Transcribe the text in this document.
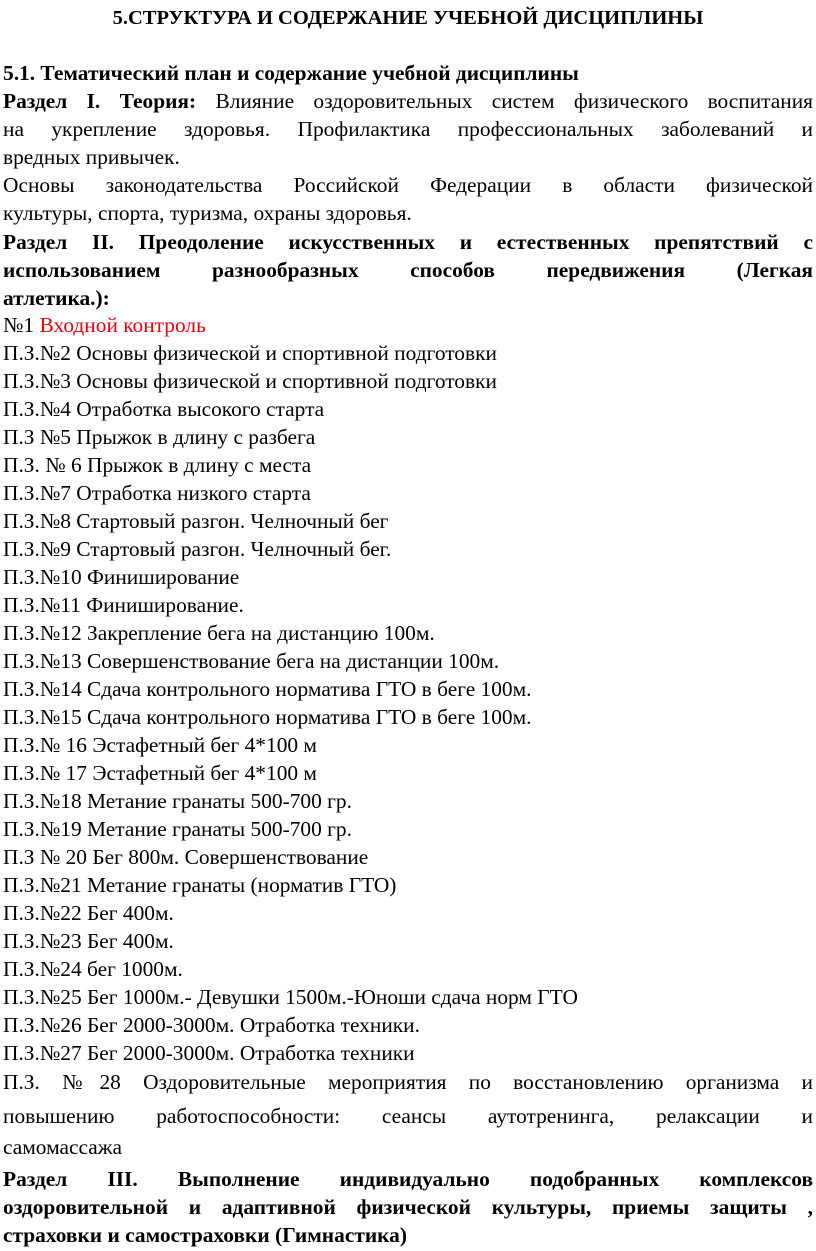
5.СТРУКТУРА И СОДЕРЖАНИЕ УЧЕБНОЙ ДИСЦИПЛИНЫ
5.1. Тематический план и содержание учебной дисциплины
Раздел I. Теория: Влияние оздоровительных систем физического воспитания
на укрепление здоровья. Профилактика профессиональных заболеваний и
вредных привычек.
Основы законодательства Российской Федерации в области физической
культуры, спорта, туризма, охраны здоровья.
Раздел II. Преодоление искусственных и естественных препятствий с
использованием разнообразных способов передвижения (Легкая
атлетика.):
№1 Входной контроль
П.З.№2 Основы физической и спортивной подготовки
П.З.№3 Основы физической и спортивной подготовки
П.З.№4 Отработка высокого старта
П.З №5 Прыжок в длину с разбега
П.З. № 6 Прыжок в длину с места
П.З.№7 Отработка низкого старта
П.З.№8 Стартовый разгон. Челночный бег
П.З.№9 Стартовый разгон. Челночный бег.
П.З.№10 Финиширование
П.З.№11 Финиширование.
П.З.№12 Закрепление бега на дистанцию 100м.
П.З.№13 Совершенствование бега на дистанции 100м.
П.З.№14 Сдача контрольного норматива ГТО в беге 100м.
П.З.№15 Сдача контрольного норматива ГТО в беге 100м.
П.З.№ 16 Эстафетный бег 4*100 м
П.З.№ 17 Эстафетный бег 4*100 м
П.З.№18 Метание гранаты 500-700 гр.
П.З.№19 Метание гранаты 500-700 гр.
П.З № 20 Бег 800м. Совершенствование
П.З.№21 Метание гранаты (норматив ГТО)
П.З.№22 Бег 400м.
П.З.№23 Бег 400м.
П.З.№24 бег 1000м.
П.З.№25 Бег 1000м.- Девушки 1500м.-Юноши сдача норм ГТО
П.З.№26 Бег 2000-3000м. Отработка техники.
П.З.№27 Бег 2000-3000м. Отработка техники
П.З. №28 Оздоровительные мероприятия по восстановлению организма и
повышению работоспособности: сеансы аутотренинга, релаксации и
самомассажа
Раздел III. Выполнение индивидуально подобранных комплексов
оздоровительной и адаптивной физической культуры, приемы защиты ,
страховки и самостраховки (Гимнастика)
